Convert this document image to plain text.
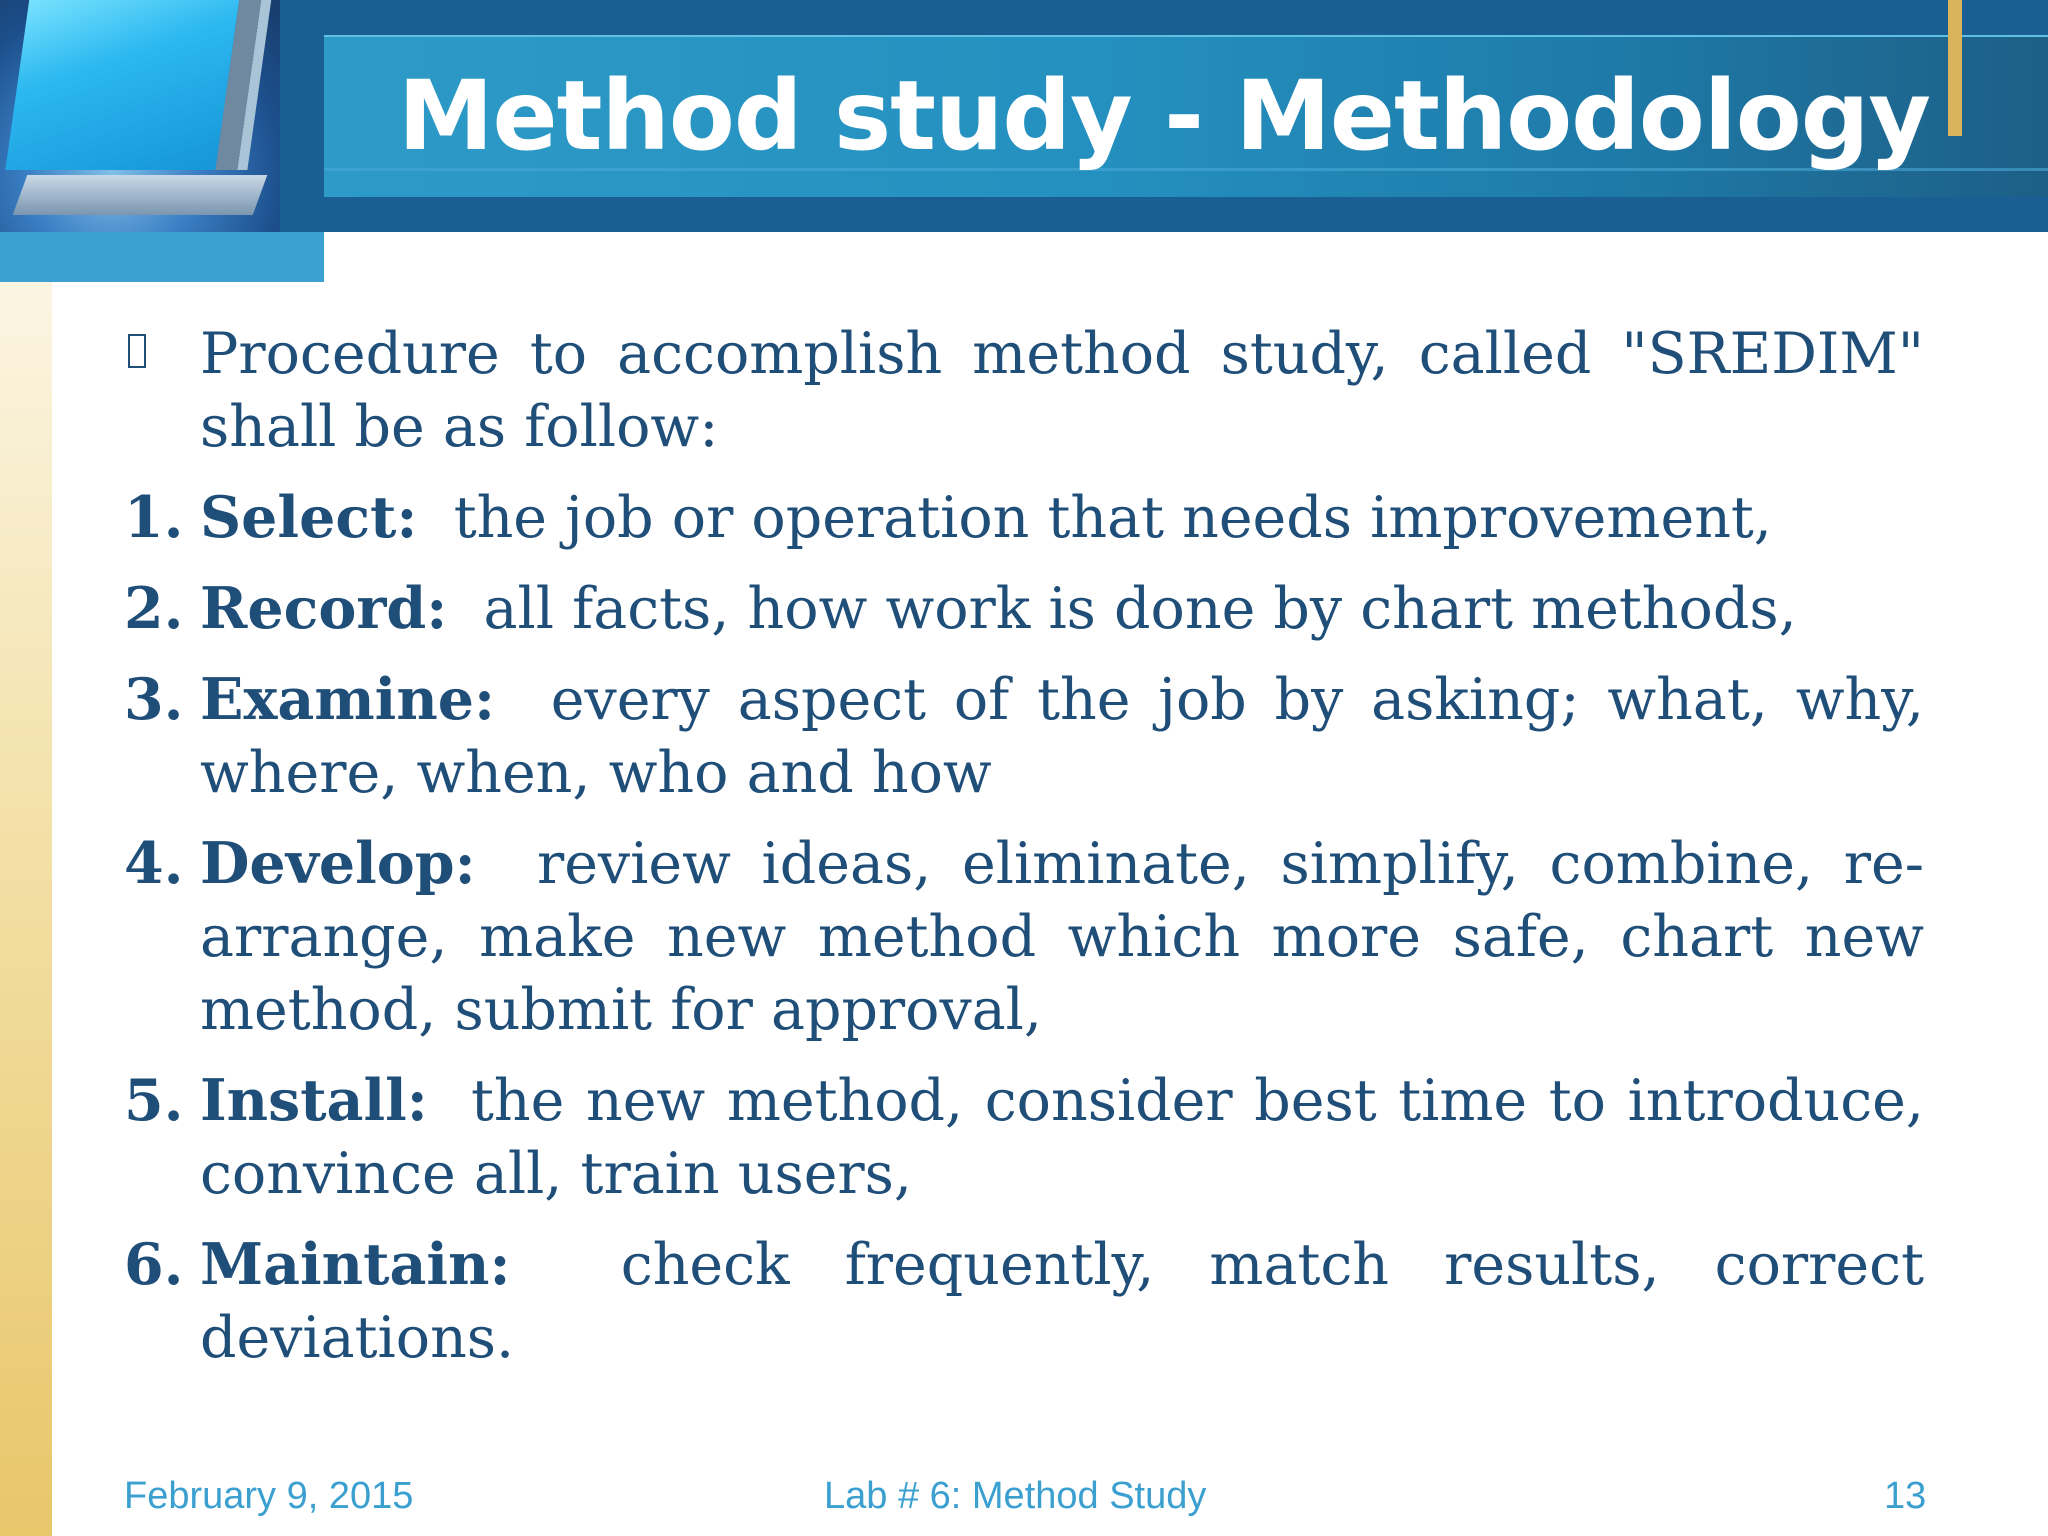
Method study - Methodology
Procedure to accomplish method study, called "SREDIM" shall be as follow:
1. Select: the job or operation that needs improvement,
2. Record: all facts, how work is done by chart methods,
3. Examine: every aspect of the job by asking; what, why, where, when, who and how
4. Develop: review ideas, eliminate, simplify, combine, re-arrange, make new method which more safe, chart new method, submit for approval,
5. Install: the new method, consider best time to introduce, convince all, train users,
6. Maintain: check frequently, match results, correct deviations.
February 9, 2015	Lab # 6: Method Study	13
